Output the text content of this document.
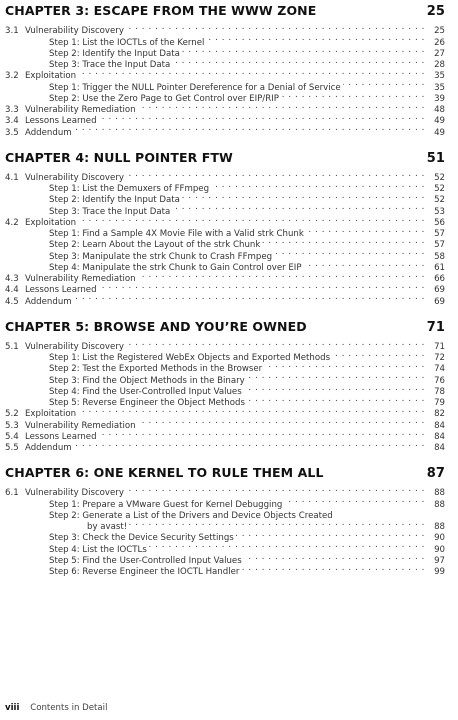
CHAPTER 3: ESCAPE FROM THE WWW ZONE	25
3.1 Vulnerability Discovery . . .	25
Step 1: List the IOCTLs of the Kernel . . .	26
Step 2: Identify the Input Data . . .	27
Step 3: Trace the Input Data . . .	28
3.2 Exploitation . . .	35
Step 1: Trigger the NULL Pointer Dereference for a Denial of Service . . .	35
Step 2: Use the Zero Page to Get Control over EIP/RIP . . .	39
3.3 Vulnerability Remediation . . .	48
3.4 Lessons Learned . . .	49
3.5 Addendum . . .	49
CHAPTER 4: NULL POINTER FTW	51
4.1 Vulnerability Discovery . . .	52
Step 1: List the Demuxers of FFmpeg . . .	52
Step 2: Identify the Input Data . . .	52
Step 3: Trace the Input Data . . .	53
4.2 Exploitation . . .	56
Step 1: Find a Sample 4X Movie File with a Valid strk Chunk . . .	57
Step 2: Learn About the Layout of the strk Chunk . . .	57
Step 3: Manipulate the strk Chunk to Crash FFmpeg . . .	58
Step 4: Manipulate the strk Chunk to Gain Control over EIP . . .	61
4.3 Vulnerability Remediation . . .	66
4.4 Lessons Learned . . .	69
4.5 Addendum . . .	69
CHAPTER 5: BROWSE AND YOU’RE OWNED	71
5.1 Vulnerability Discovery . . .	71
Step 1: List the Registered WebEx Objects and Exported Methods . . .	72
Step 2: Test the Exported Methods in the Browser . . .	74
Step 3: Find the Object Methods in the Binary . . .	76
Step 4: Find the User-Controlled Input Values . . .	78
Step 5: Reverse Engineer the Object Methods . . .	79
5.2 Exploitation . . .	82
5.3 Vulnerability Remediation . . .	84
5.4 Lessons Learned . . .	84
5.5 Addendum . . .	84
CHAPTER 6: ONE KERNEL TO RULE THEM ALL	87
6.1 Vulnerability Discovery . . .	88
Step 1: Prepare a VMware Guest for Kernel Debugging . . .	88
Step 2: Generate a List of the Drivers and Device Objects Created
by avast! . . .	88
Step 3: Check the Device Security Settings . . .	90
Step 4: List the IOCTLs . . .	90
Step 5: Find the User-Controlled Input Values . . .	97
Step 6: Reverse Engineer the IOCTL Handler . . .	99
viii Contents in Detail
